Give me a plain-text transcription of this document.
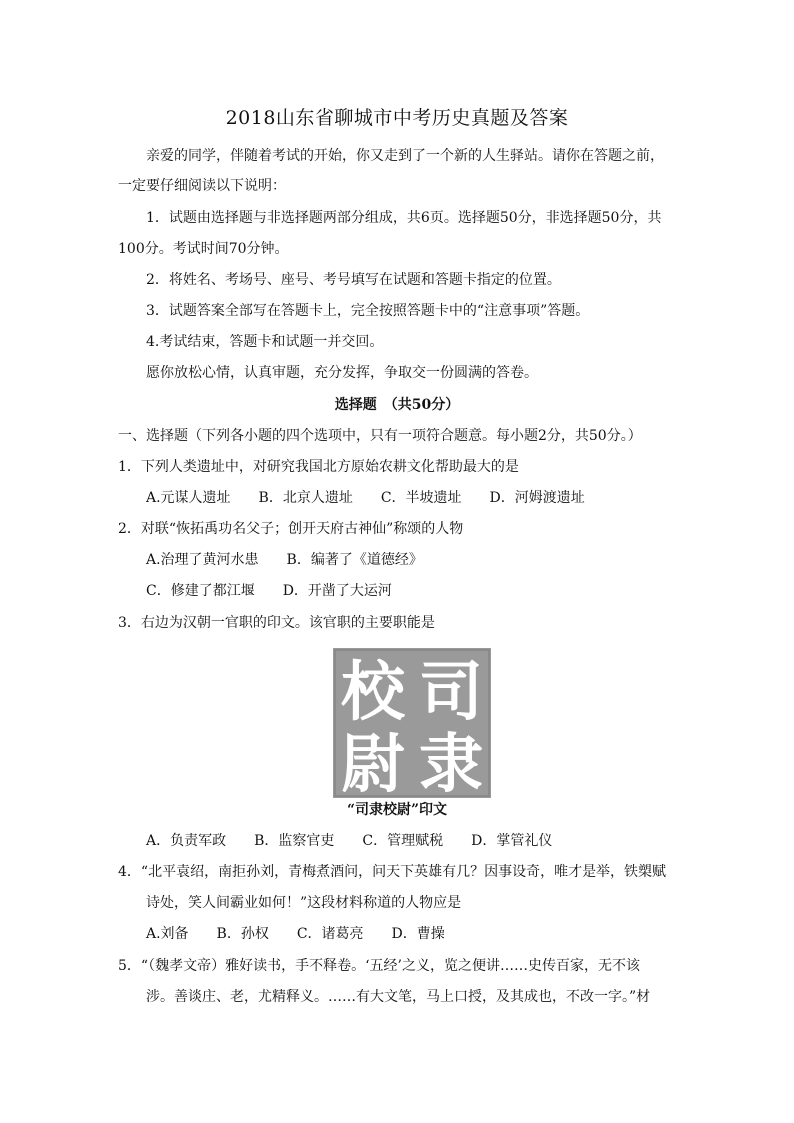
2018山东省聊城市中考历史真题及答案
亲爱的同学，伴随着考试的开始，你又走到了一个新的人生驿站。请你在答题之前，
一定要仔细阅读以下说明：
1．试题由选择题与非选择题两部分组成，共6页。选择题50分，非选择题50分，共
100分。考试时间70分钟。
2．将姓名、考场号、座号、考号填写在试题和答题卡指定的位置。
3．试题答案全部写在答题卡上，完全按照答题卡中的“注意事项”答题。
4.考试结束，答题卡和试题一并交回。
愿你放松心情，认真审题，充分发挥，争取交一份圆满的答卷。
选择题　（共50分）
一、选择题（下列各小题的四个选项中，只有一项符合题意。每小题2分，共50分。）
1．下列人类遗址中，对研究我国北方原始农耕文化帮助最大的是
A.元谋人遗址　　B．北京人遗址　　C．半坡遗址　　D．河姆渡遗址
2．对联“恢拓禹功名父子；创开天府古神仙”称颂的人物
A.治理了黄河水患　　B．编著了《道德经》
C．修建了都江堰　　D．开凿了大运河
3．右边为汉朝一官职的印文。该官职的主要职能是
司
隶
校
尉
“司隶校尉”印文
A．负责军政　　B．监察官吏　　C．管理赋税　　D．掌管礼仪
4．“北平袁绍，南拒孙刘，青梅煮酒问，问天下英雄有几？因事设奇，唯才是举，铁槊赋
诗处，笑人间霸业如何！”这段材料称道的人物应是
A.刘备　　B．孙权　　C．诸葛亮　　D．曹操
5．“（魏孝文帝）雅好读书，手不释卷。‘五经’之义，览之便讲……史传百家，无不该
涉。善谈庄、老，尤精释义。……有大文笔，马上口授，及其成也，不改一字。”材
